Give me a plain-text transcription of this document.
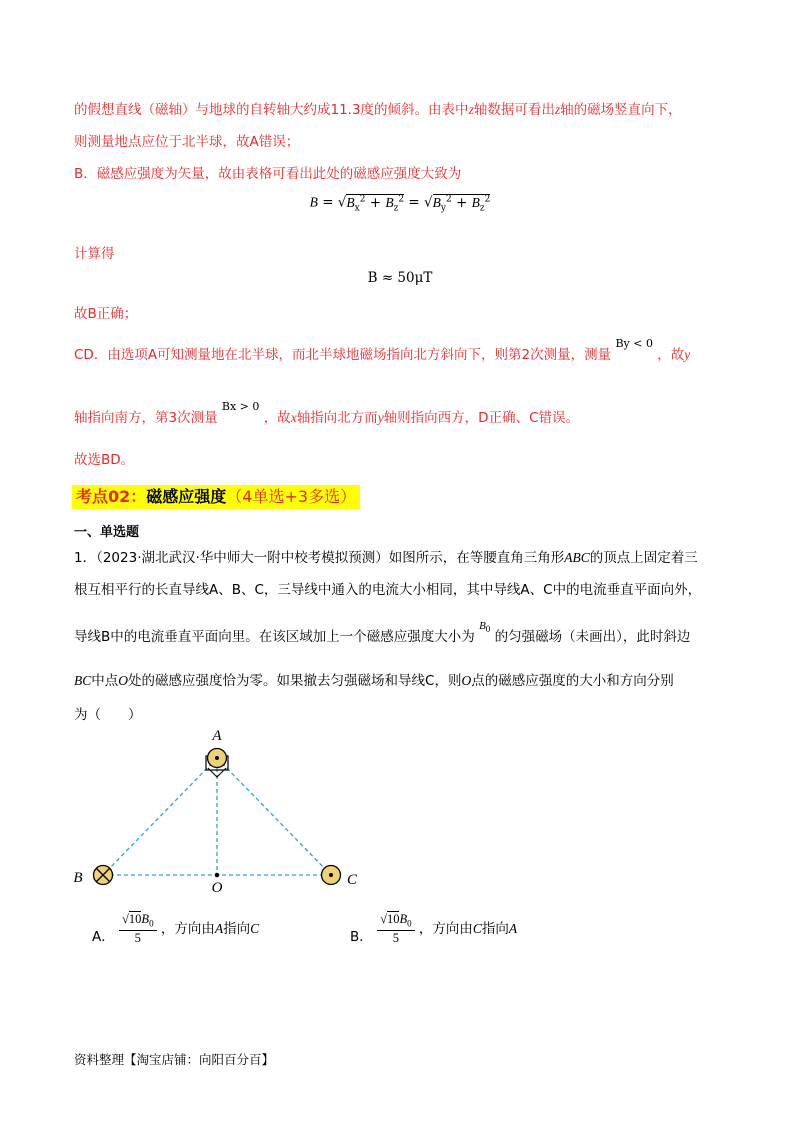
的假想直线（磁轴）与地球的自转轴大约成11.3度的倾斜。由表中z轴数据可看出z轴的磁场竖直向下，
则测量地点应位于北半球，故A错误；
B．磁感应强度为矢量，故由表格可看出此处的磁感应强度大致为
$B = √B_x^2 + B_z^2 = √B_y^2 + B_z^2$
计算得
B ≈ 50μT
故B正确；
CD．由选项A可知测量地在北半球，而北半球地磁场指向北方斜向下，则第2次测量，测量 $^{By < 0}$ ，故y
轴指向南方，第3次测量 $^{Bx > 0}$ ，故x轴指向北方而y轴则指向西方，D正确、C错误。
故选BD。
考点02：磁感应强度（4单选+3多选）
一、单选题
1．（2023·湖北武汉·华中师大一附中校考模拟预测）如图所示，在等腰直角三角形ABC的顶点上固定着三
根互相平行的长直导线A、B、C，三导线中通入的电流大小相同，其中导线A、C中的电流垂直平面向外，
导线B中的电流垂直平面向里。在该区域加上一个磁感应强度大小为 $^{B_0}$ 的匀强磁场（未画出），此时斜边
BC中点O处的磁感应强度恰为零。如果撤去匀强磁场和导线C，则O点的磁感应强度的大小和方向分别
为（　　）
A
B	C
O
A． $\frac{√10B_0}{5}$ ，方向由A指向C
B． $\frac{√10B_0}{5}$ ，方向由C指向A
资料整理【淘宝店铺：向阳百分百】
